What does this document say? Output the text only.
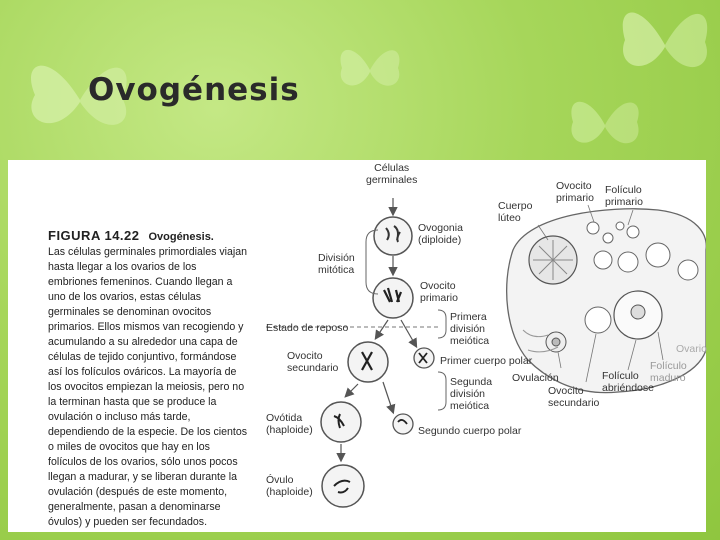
Ovogénesis
FIGURA 14.22 Ovogénesis.
Las células germinales primordiales viajan
hasta llegar a los ovarios de los
embriones femeninos. Cuando llegan a
uno de los ovarios, estas células
germinales se denominan ovocitos
primarios. Ellos mismos van recogiendo y
acumulando a su alrededor una capa de
células de tejido conjuntivo, formándose
así los folículos ováricos. La mayoría de
los ovocitos empiezan la meiosis, pero no
la terminan hasta que se produce la
ovulación o incluso más tarde,
dependiendo de la especie. De los cientos
o miles de ovocitos que hay en los
folículos de los ovarios, sólo unos pocos
llegan a madurar, y se liberan durante la
ovulación (después de este momento,
generalmente, pasan a denominarse
óvulos) y pueden ser fecundados.
Células
germinales
Ovogonia
(diploide)
División
mitótica
Ovocito
primario
Estado de reposo
Primera
división
meiótica
Ovocito
secundario
Primer cuerpo polar
Segunda
división
meiótica
Ovótida
(haploide)	Segundo cuerpo polar
Óvulo
(haploide)
Cuerpo
lúteo
Ovocito
primario
Folículo
primario
Ovario
Folículo
maduro
Ovulación
Ovocito
secundario
Folículo
abriéndose
